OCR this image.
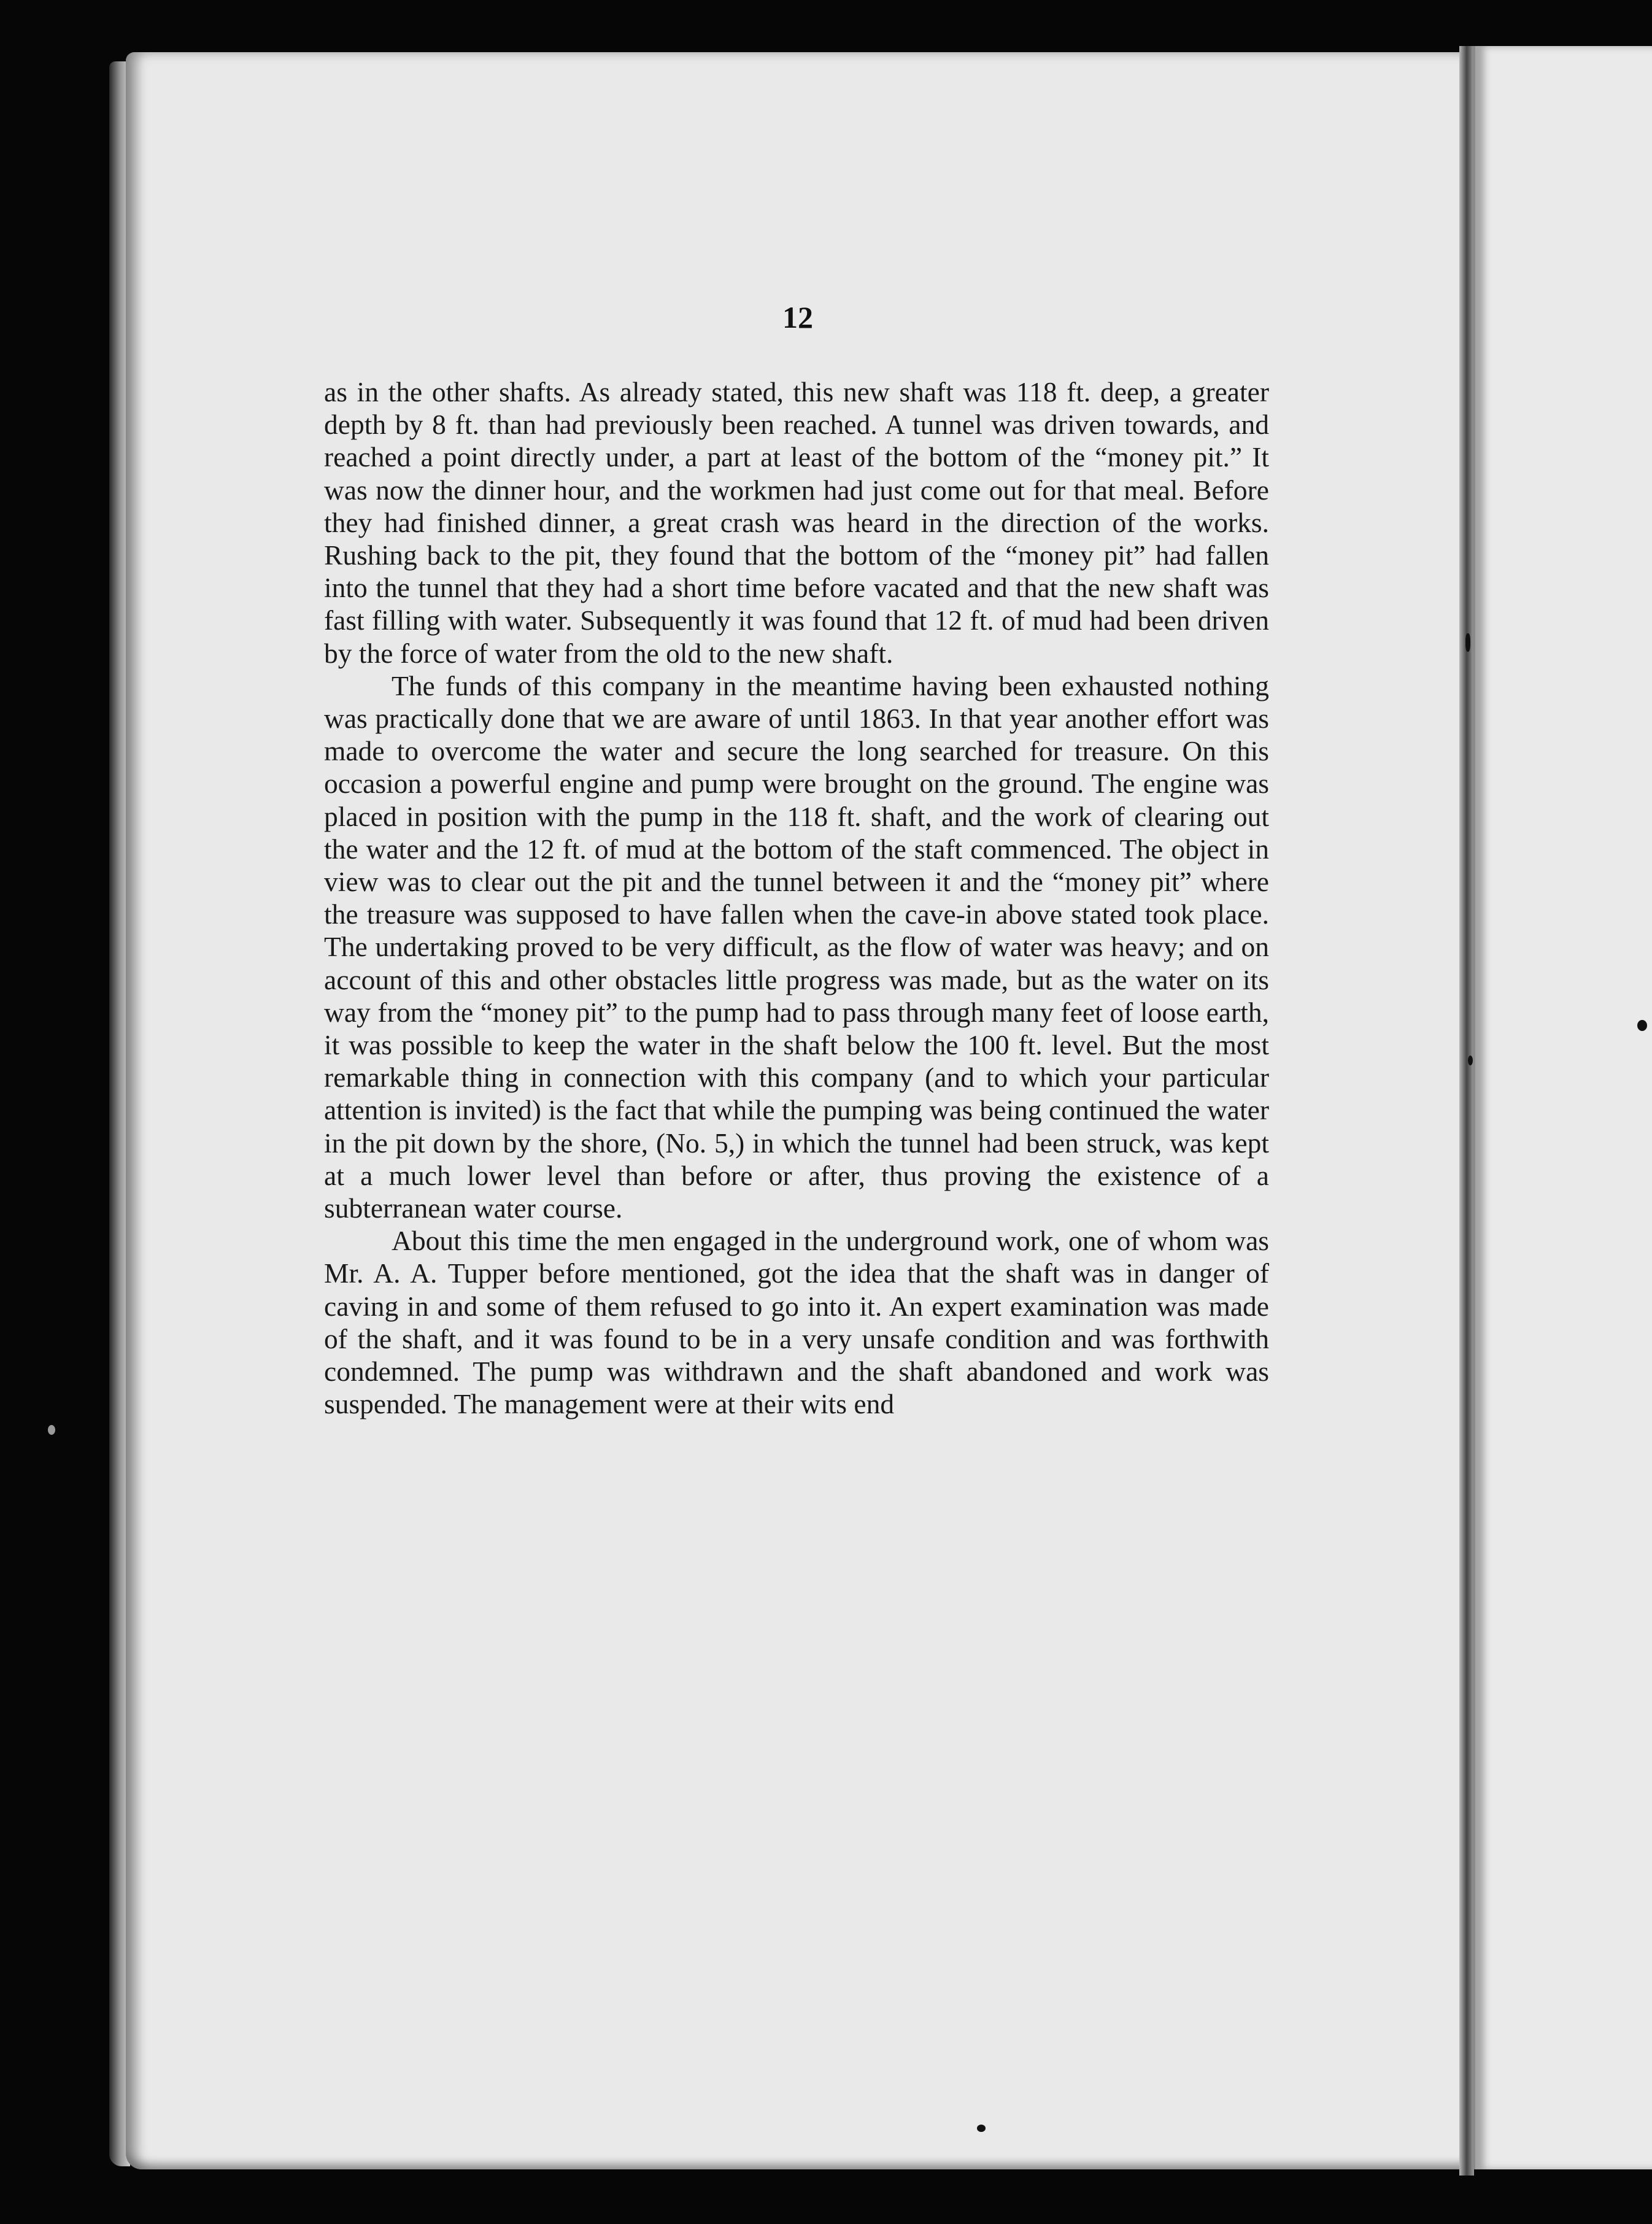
12

as in the other shafts. As already stated, this new shaft was 118 ft. deep, a greater depth by 8 ft. than had previously been reached. A tunnel was driven towards, and reached a point directly under, a part at least of the bottom of the “money pit.” It was now the dinner hour, and the workmen had just come out for that meal. Before they had finished dinner, a great crash was heard in the direction of the works. Rushing back to the pit, they found that the bottom of the “money pit” had fallen into the tunnel that they had a short time before vacated and that the new shaft was fast filling with water. Subsequently it was found that 12 ft. of mud had been driven by the force of water from the old to the new shaft.

The funds of this company in the meantime having been exhausted nothing was practically done that we are aware of until 1863. In that year another effort was made to overcome the water and secure the long searched for treasure. On this occasion a powerful engine and pump were brought on the ground. The engine was placed in position with the pump in the 118 ft. shaft, and the work of clearing out the water and the 12 ft. of mud at the bottom of the staft commenced. The object in view was to clear out the pit and the tunnel between it and the “money pit” where the treasure was supposed to have fallen when the cave-in above stated took place. The undertaking proved to be very difficult, as the flow of water was heavy; and on account of this and other obstacles little progress was made, but as the water on its way from the “money pit” to the pump had to pass through many feet of loose earth, it was possible to keep the water in the shaft below the 100 ft. level. But the most remarkable thing in connection with this company (and to which your particular attention is invited) is the fact that while the pumping was being continued the water in the pit down by the shore, (No. 5,) in which the tunnel had been struck, was kept at a much lower level than before or after, thus proving the existence of a subterranean water course.

About this time the men engaged in the underground work, one of whom was Mr. A. A. Tupper before mentioned, got the idea that the shaft was in danger of caving in and some of them refused to go into it. An expert examination was made of the shaft, and it was found to be in a very unsafe condition and was forthwith condemned. The pump was withdrawn and the shaft abandoned and work was suspended. The management were at their wits end
